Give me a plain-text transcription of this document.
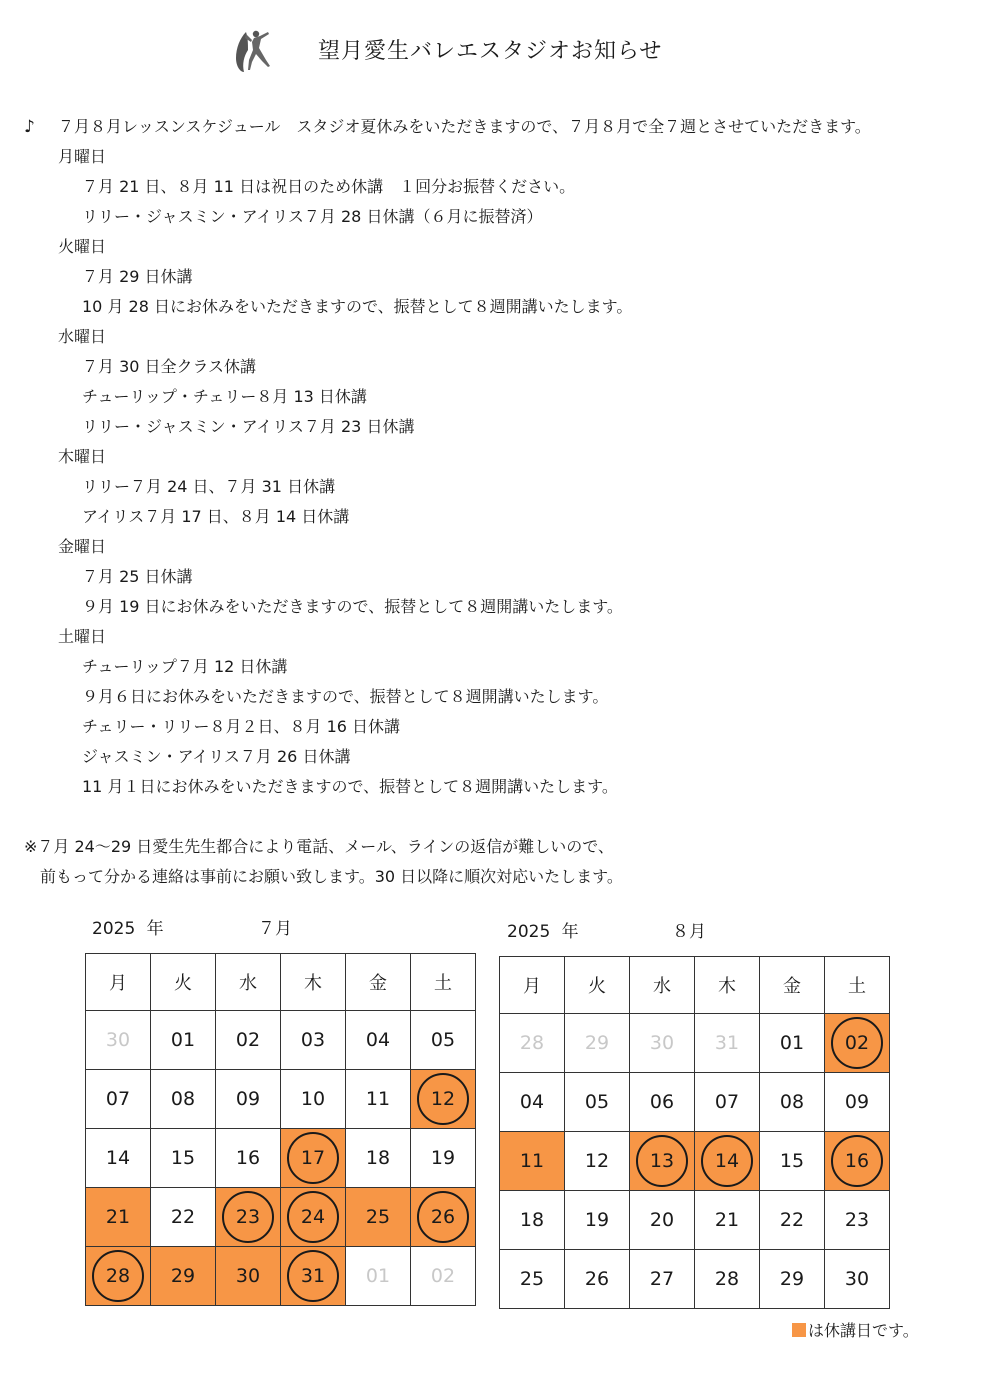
望月愛生バレエスタジオお知らせ
♪ ７月８月レッスンスケジュール　スタジオ夏休みをいただきますので、７月８月で全７週とさせていただきます。
月曜日
７月 21 日、８月 11 日は祝日のため休講　１回分お振替ください。
リリー・ジャスミン・アイリス７月 28 日休講（６月に振替済）
火曜日
７月 29 日休講
10 月 28 日にお休みをいただきますので、振替として８週開講いたします。
水曜日
７月 30 日全クラス休講
チューリップ・チェリー８月 13 日休講
リリー・ジャスミン・アイリス７月 23 日休講
木曜日
リリー７月 24 日、７月 31 日休講
アイリス７月 17 日、８月 14 日休講
金曜日
７月 25 日休講
９月 19 日にお休みをいただきますので、振替として８週開講いたします。
土曜日
チューリップ７月 12 日休講
９月６日にお休みをいただきますので、振替として８週開講いたします。
チェリー・リリー８月２日、８月 16 日休講
ジャスミン・アイリス７月 26 日休講
11 月１日にお休みをいただきますので、振替として８週開講いたします。
※７月 24～29 日愛生先生都合により電話、メール、ラインの返信が難しいので、
前もって分かる連絡は事前にお願い致します。30 日以降に順次対応いたします。
2025 年	７月
月	火	水	木	金	土
30	01	02	03	04	05
07	08	09	10	11	12
14	15	16	17	18	19
21	22	23	24	25	26

28	29	30	31	01	02
2025 年	８月
月	火	水	木	金	土
28	29	30	31	01	02
04	05	06	07	08	09
11	12	13	14	15	16
18	19	20	21	22	23
25	26	27	28	29	30
は休講日です。
